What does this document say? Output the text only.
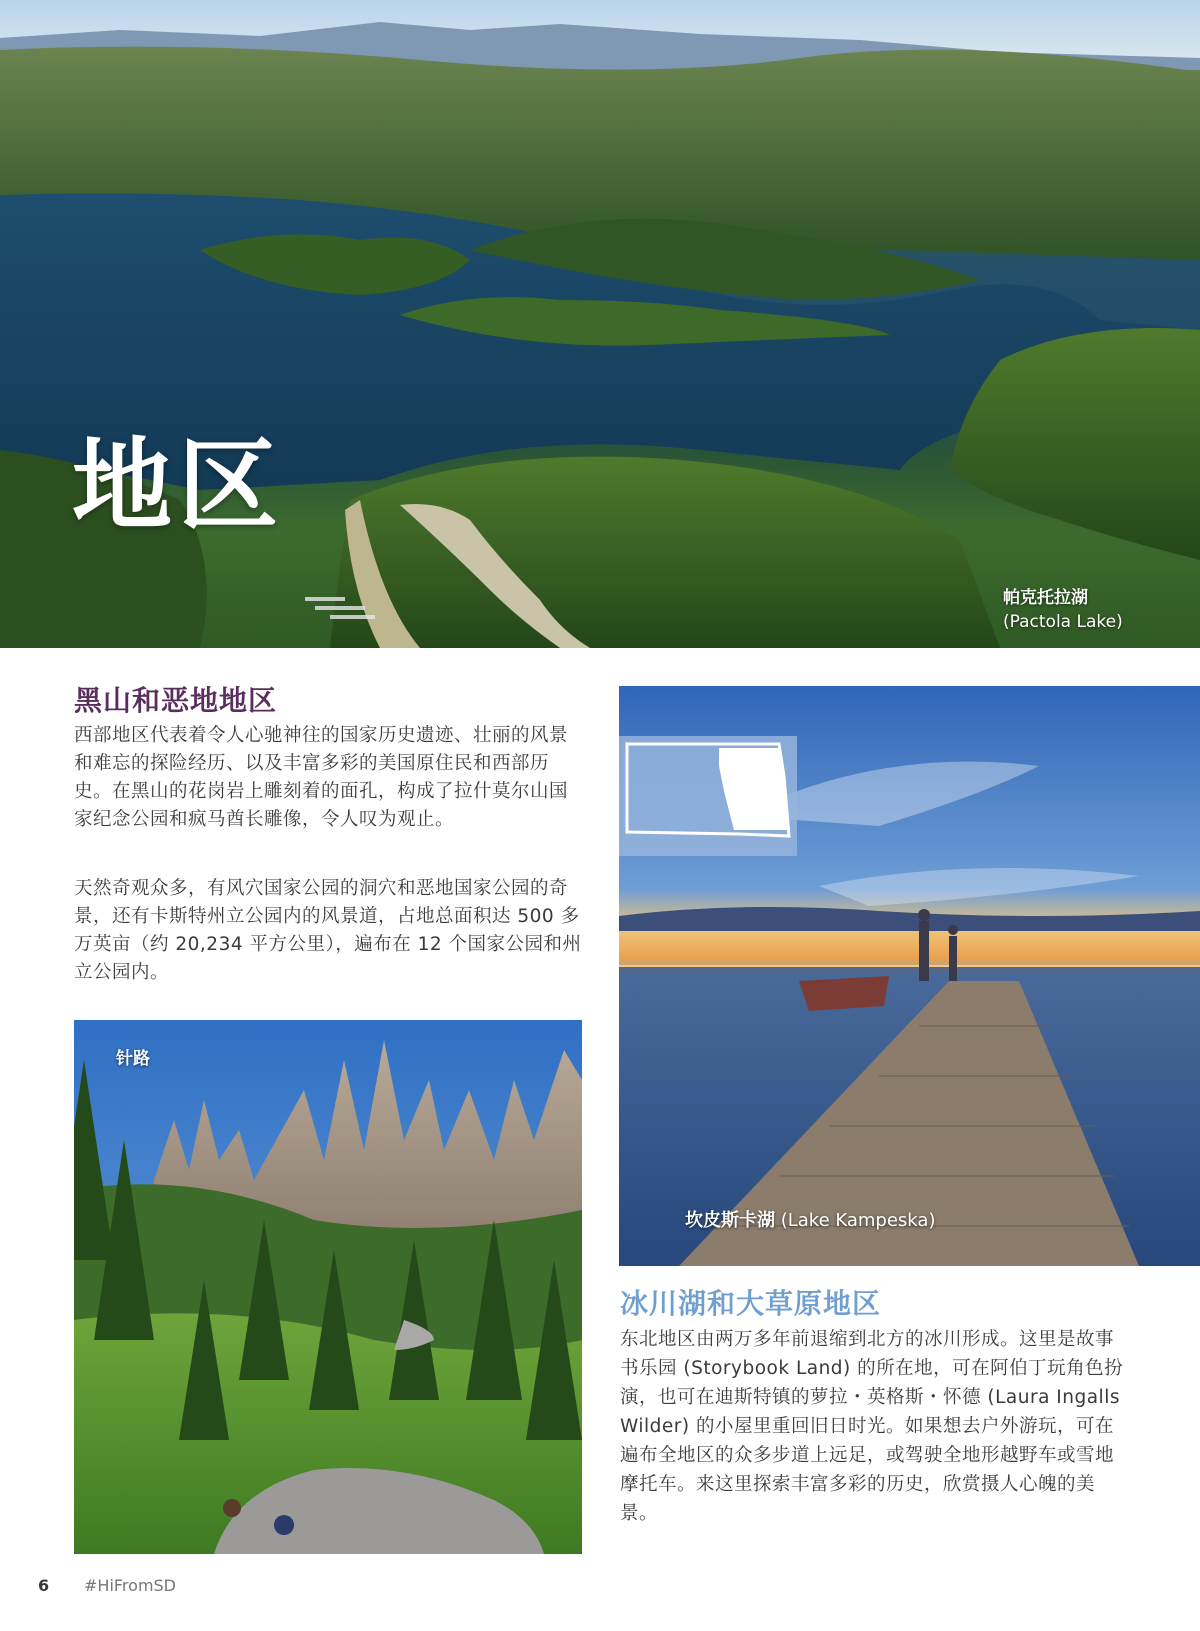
地区
帕克托拉湖
(Pactola Lake)
黑山和恶地地区

西部地区代表着令人心驰神往的国家历史遗迹、壮丽的风景和难忘的探险经历、以及丰富多彩的美国原住民和西部历史。在黑山的花岗岩上雕刻着的面孔，构成了拉什莫尔山国家纪念公园和疯马酋长雕像，令人叹为观止。

天然奇观众多，有风穴国家公园的洞穴和恶地国家公园的奇景，还有卡斯特州立公园内的风景道，占地总面积达 500 多万英亩（约 20,234 平方公里），遍布在 12 个国家公园和州立公园内。

针路
坎皮斯卡湖 (Lake Kampeska)
冰川湖和大草原地区

东北地区由两万多年前退缩到北方的冰川形成。这里是故事书乐园 (Storybook Land) 的所在地，可在阿伯丁玩角色扮演，也可在迪斯特镇的萝拉・英格斯・怀德 (Laura Ingalls Wilder) 的小屋里重回旧日时光。如果想去户外游玩，可在遍布全地区的众多步道上远足，或驾驶全地形越野车或雪地摩托车。来这里探索丰富多彩的历史，欣赏摄人心魄的美景。

6 #HiFromSD
